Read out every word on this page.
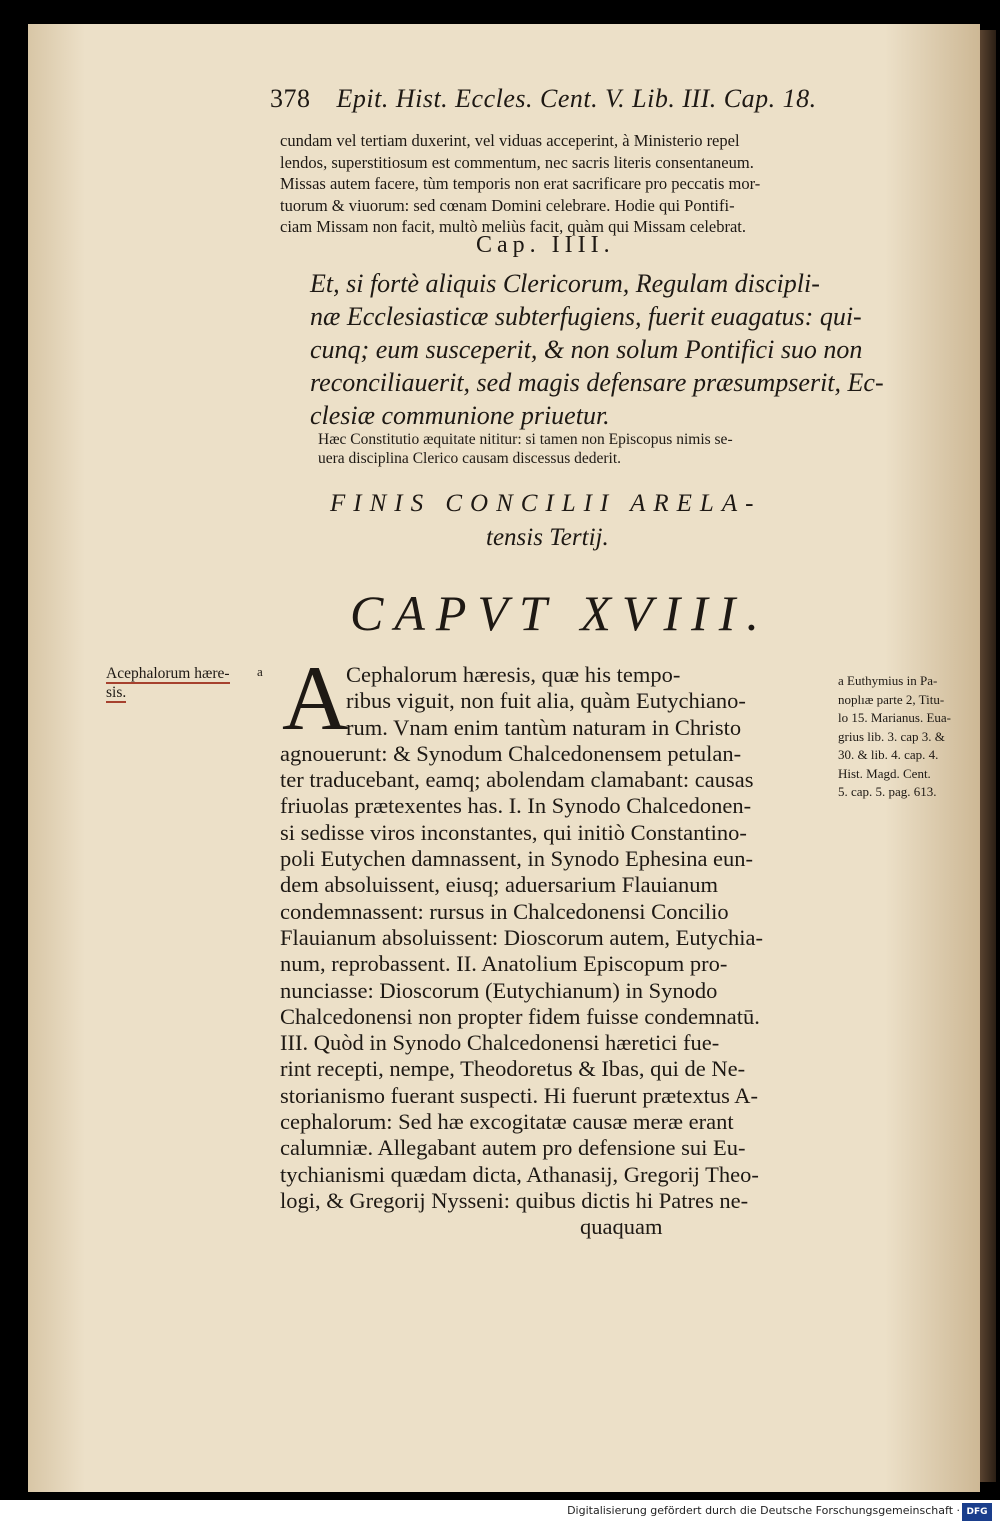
378 Epit. Hist. Eccles. Cent. V. Lib. III. Cap. 18.
cundam vel tertiam duxerint, vel viduas acceperint, à Ministerio repel
lendos, superstitiosum est commentum, nec sacris literis consentaneum.
Missas autem facere, tùm temporis non erat sacrificare pro peccatis mor-
tuorum & viuorum: sed cœnam Domini celebrare. Hodie qui Pontifi-
ciam Missam non facit, multò meliùs facit, quàm qui Missam celebrat.
Cap. IIII.
Et, si fortè aliquis Clericorum, Regulam discipli-
næ Ecclesiasticæ subterfugiens, fuerit euagatus: qui-
cunq; eum susceperit, & non solum Pontifici suo non
reconciliauerit, sed magis defensare præsumpserit, Ec-
clesiæ communione priuetur.
Hæc Constitutio æquitate nititur: si tamen non Episcopus nimis se-
uera disciplina Clerico causam discessus dederit.
FINIS CONCILII ARELA-
tensis Tertij.
CAPVT XVIII.
Acephalorum hære-
sis.
a A
Cephalorum hæresis, quæ his tempo-
ribus viguit, non fuit alia, quàm Eutychiano-
rum. Vnam enim tantùm naturam in Christo
agnouerunt: & Synodum Chalcedonensem petulan-
ter traducebant, eamq; abolendam clamabant: causas
friuolas prætexentes has. I. In Synodo Chalcedonen-
si sedisse viros inconstantes, qui initiò Constantino-
poli Eutychen damnassent, in Synodo Ephesina eun-
dem absoluissent, eiusq; aduersarium Flauianum
condemnassent: rursus in Chalcedonensi Concilio
Flauianum absoluissent: Dioscorum autem, Eutychia-
num, reprobassent. II. Anatolium Episcopum pro-
nunciasse: Dioscorum (Eutychianum) in Synodo
Chalcedonensi non propter fidem fuisse condemnatū.
III. Quòd in Synodo Chalcedonensi hæretici fue-
rint recepti, nempe, Theodoretus & Ibas, qui de Ne-
storianismo fuerant suspecti. Hi fuerunt prætextus A-
cephalorum: Sed hæ excogitatæ causæ meræ erant
calumniæ. Allegabant autem pro defensione sui Eu-
tychianismi quædam dicta, Athanasij, Gregorij Theo-
logi, & Gregorij Nysseni: quibus dictis hi Patres ne-
quaquam
a Euthymius in Pa-
noplıæ parte 2, Titu-
lo 15. Marianus. Eua-
grius lib. 3. cap 3. &
30. & lib. 4. cap. 4.
Hist. Magd. Cent.
5. cap. 5. pag. 613.
Digitalisierung gefördert durch die Deutsche Forschungsgemeinschaft · DFG
